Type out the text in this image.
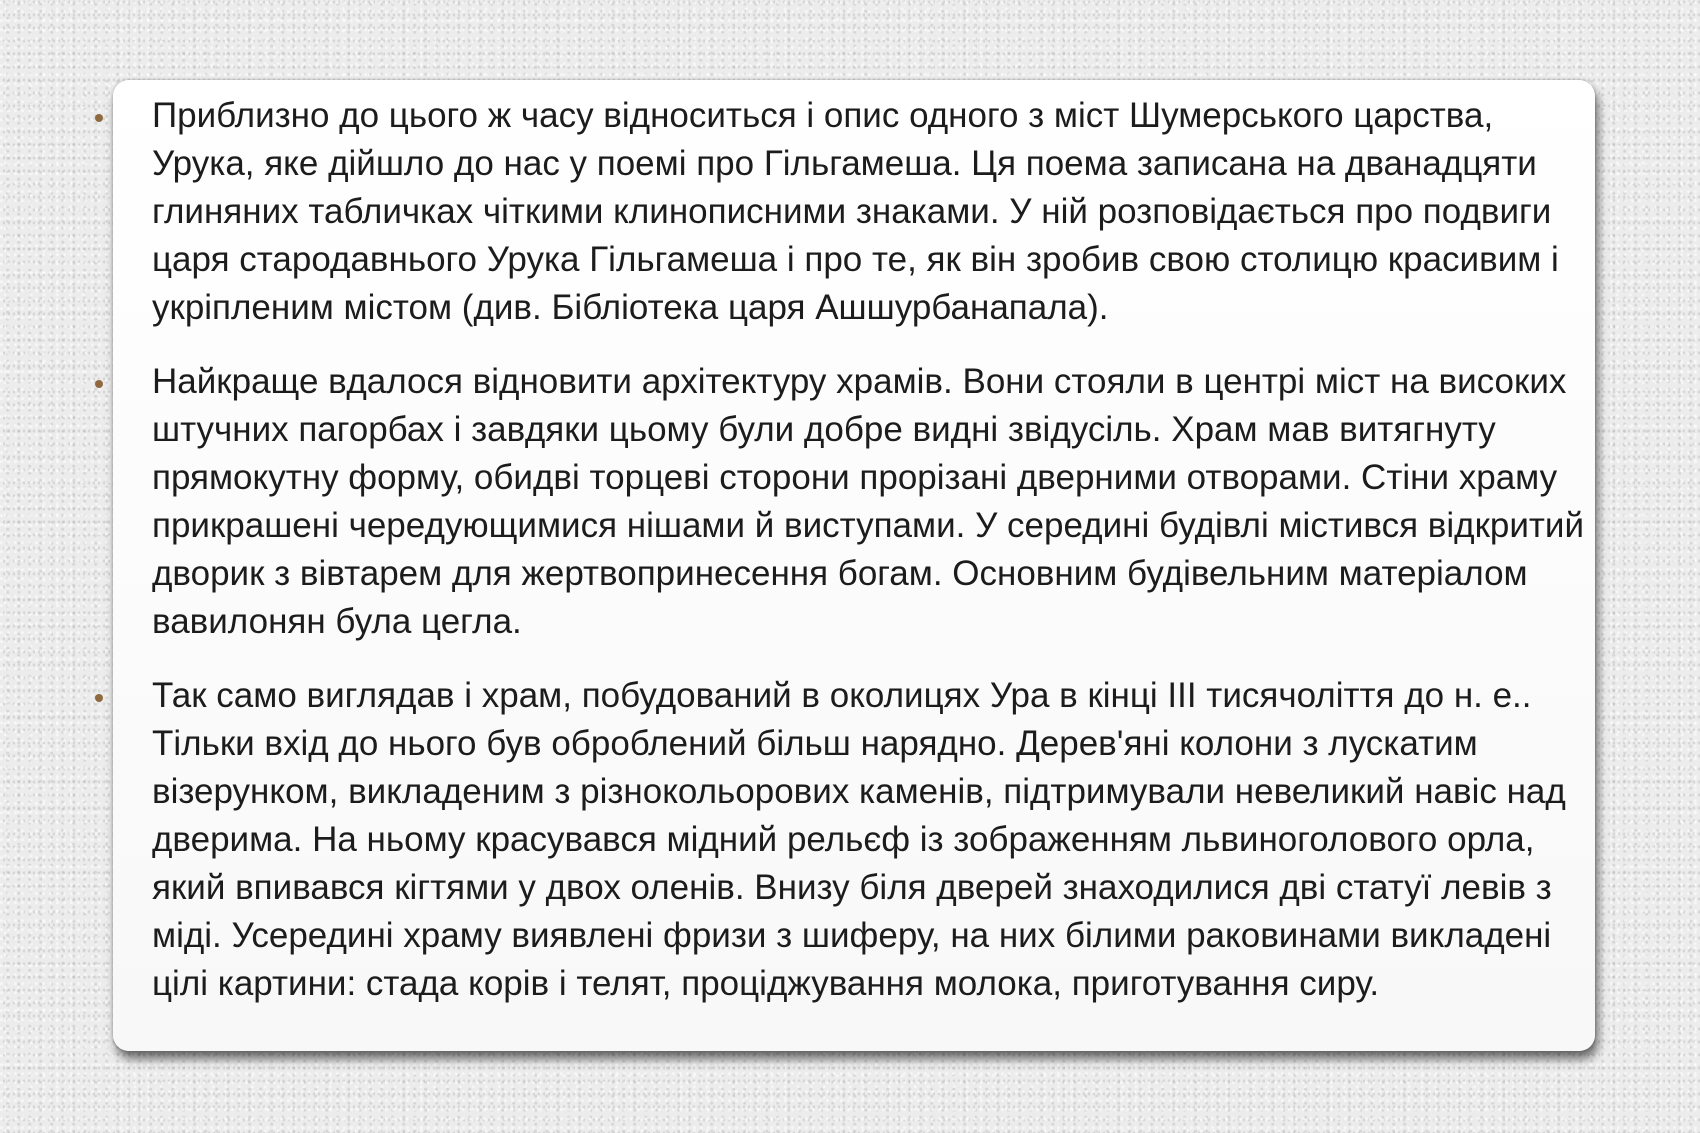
Приблизно до цього ж часу відноситься і опис одного з міст Шумерського царства, Урука, яке дійшло до нас у поемі про Гільгамеша. Ця поема записана на дванадцяти глиняних табличках чіткими клинописними знаками. У ній розповідається про подвиги царя стародавнього Урука Гільгамеша і про те, як він зробив свою столицю красивим і укріпленим містом (див. Бібліотека царя Ашшурбанапала).

Найкраще вдалося відновити архітектуру храмів. Вони стояли в центрі міст на високих штучних пагорбах і завдяки цьому були добре видні звідусіль. Храм мав витягнуту прямокутну форму, обидві торцеві сторони прорізані дверними отворами. Стіни храму прикрашені чередующимися нішами й виступами. У середині будівлі містився відкритий дворик з вівтарем для жертвопринесення богам. Основним будівельним матеріалом вавилонян була цегла.

Так само виглядав і храм, побудований в околицях Ура в кінці III тисячоліття до н. е.. Тільки вхід до нього був оброблений більш нарядно. Дерев'яні колони з лускатим візерунком, викладеним з різнокольорових каменів, підтримували невеликий навіс над дверима. На ньому красувався мідний рельєф із зображенням львиноголового орла, який впивався кігтями у двох оленів. Внизу біля дверей знаходилися дві статуї левів з міді. Усередині храму виявлені фризи з шиферу, на них білими раковинами викладені цілі картини: стада корів і телят, проціджування молока, приготування сиру.
